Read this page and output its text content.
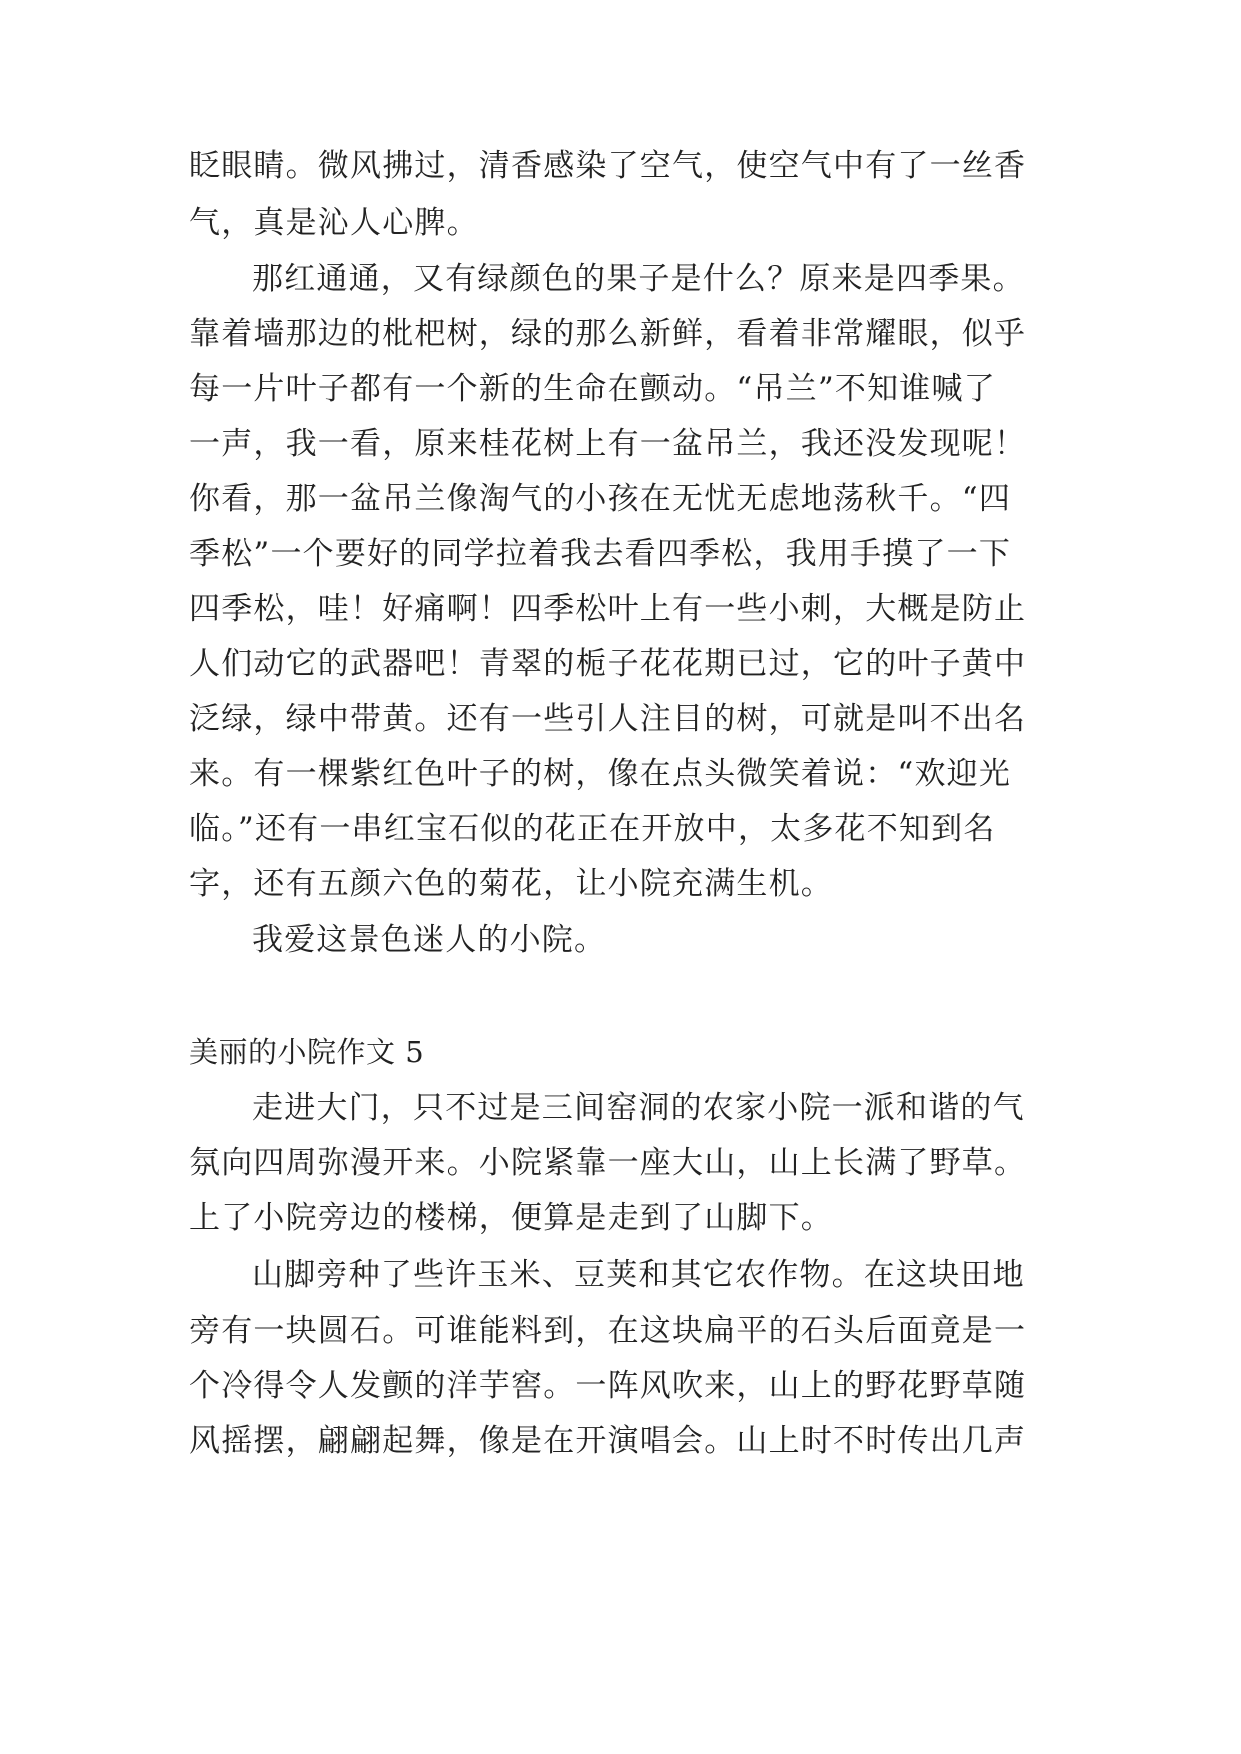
眨眼睛。微风拂过，清香感染了空气，使空气中有了一丝香
气，真是沁人心脾。
那红通通，又有绿颜色的果子是什么？原来是四季果。
靠着墙那边的枇杷树，绿的那么新鲜，看着非常耀眼，似乎
每一片叶子都有一个新的生命在颤动。“吊兰”不知谁喊了
一声，我一看，原来桂花树上有一盆吊兰，我还没发现呢！
你看，那一盆吊兰像淘气的小孩在无忧无虑地荡秋千。“四
季松”一个要好的同学拉着我去看四季松，我用手摸了一下
四季松，哇！好痛啊！四季松叶上有一些小刺，大概是防止
人们动它的武器吧！青翠的栀子花花期已过，它的叶子黄中
泛绿，绿中带黄。还有一些引人注目的树，可就是叫不出名
来。有一棵紫红色叶子的树，像在点头微笑着说：“欢迎光
临。”还有一串红宝石似的花正在开放中，太多花不知到名
字，还有五颜六色的菊花，让小院充满生机。
我爱这景色迷人的小院。
美丽的小院作文 5
走进大门，只不过是三间窑洞的农家小院一派和谐的气
氛向四周弥漫开来。小院紧靠一座大山，山上长满了野草。
上了小院旁边的楼梯，便算是走到了山脚下。
山脚旁种了些许玉米、豆荚和其它农作物。在这块田地
旁有一块圆石。可谁能料到，在这块扁平的石头后面竟是一
个冷得令人发颤的洋芋窖。一阵风吹来，山上的野花野草随
风摇摆，翩翩起舞，像是在开演唱会。山上时不时传出几声
